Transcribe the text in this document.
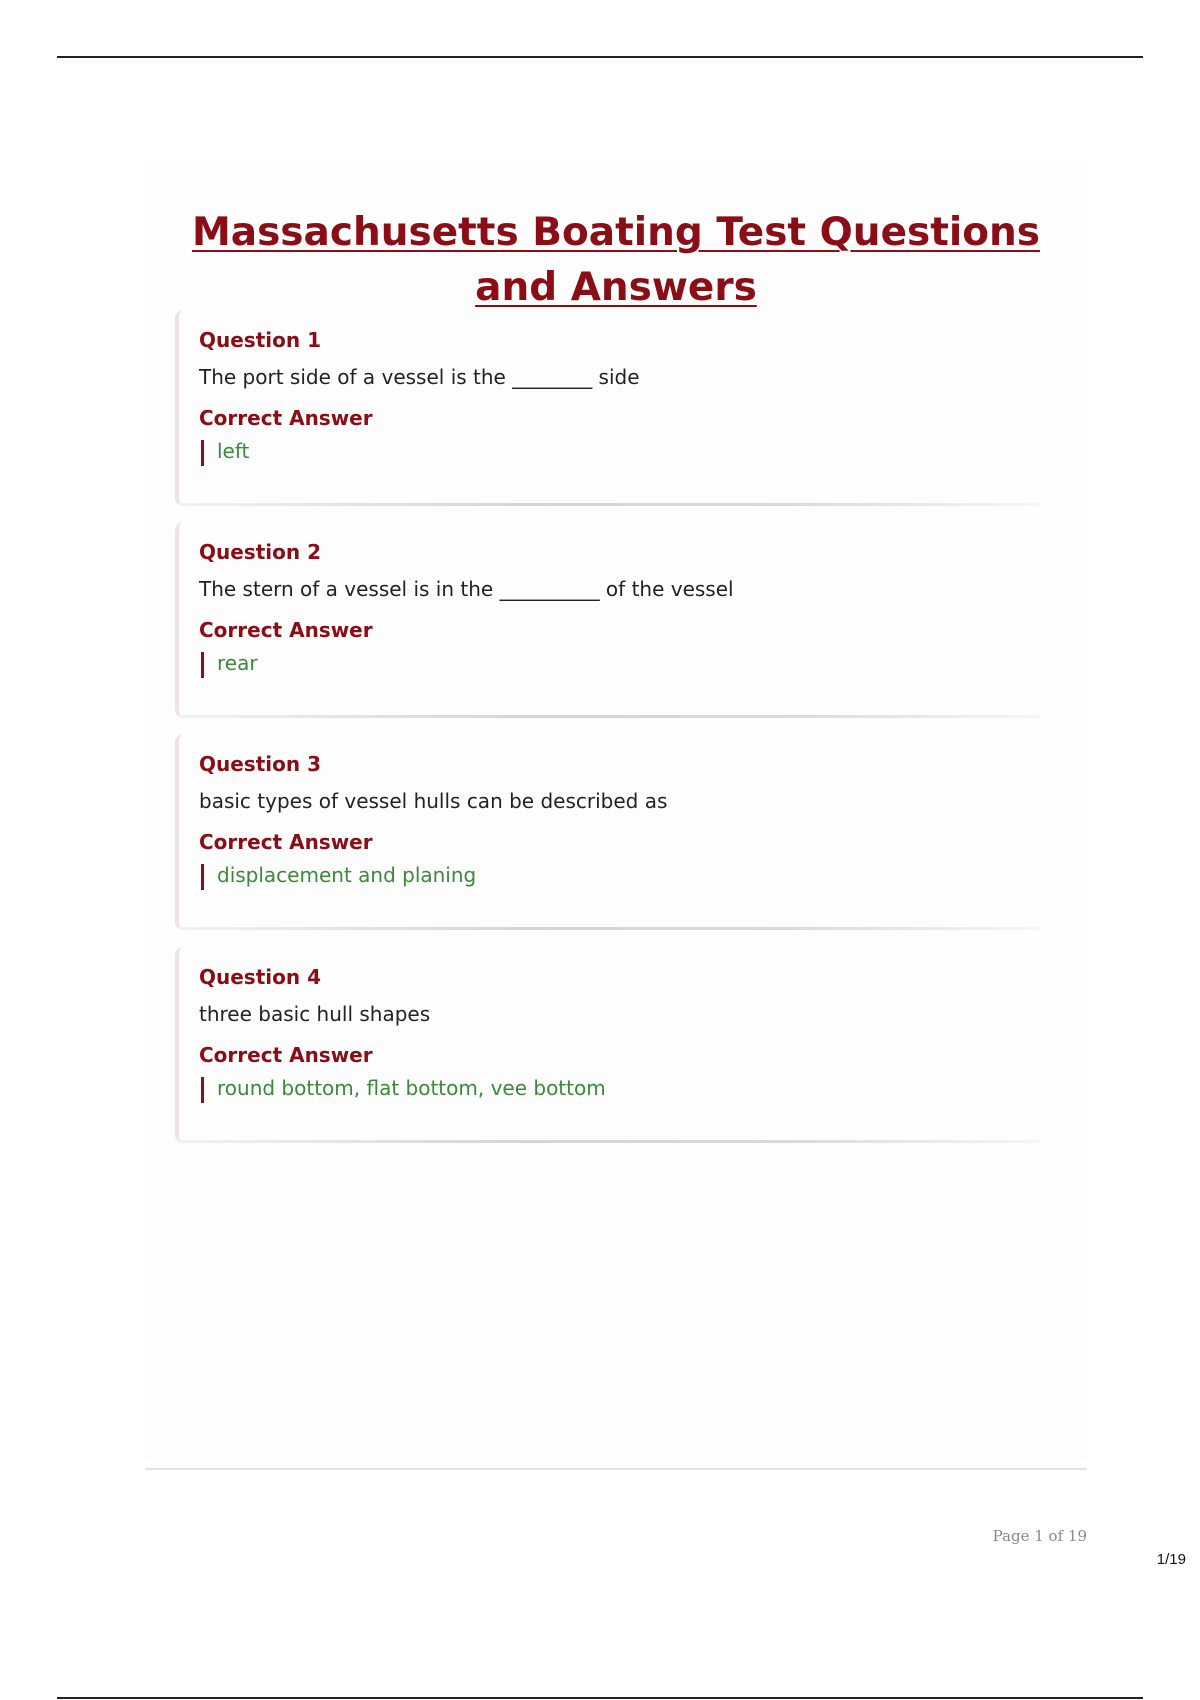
Massachusetts Boating Test Questions and Answers
Question 1
The port side of a vessel is the ________ side
Correct Answer
left
Question 2
The stern of a vessel is in the __________ of the vessel
Correct Answer
rear
Question 3
basic types of vessel hulls can be described as
Correct Answer
displacement and planing
Question 4
three basic hull shapes
Correct Answer
round bottom, flat bottom, vee bottom
Page 1 of 19
1/19
